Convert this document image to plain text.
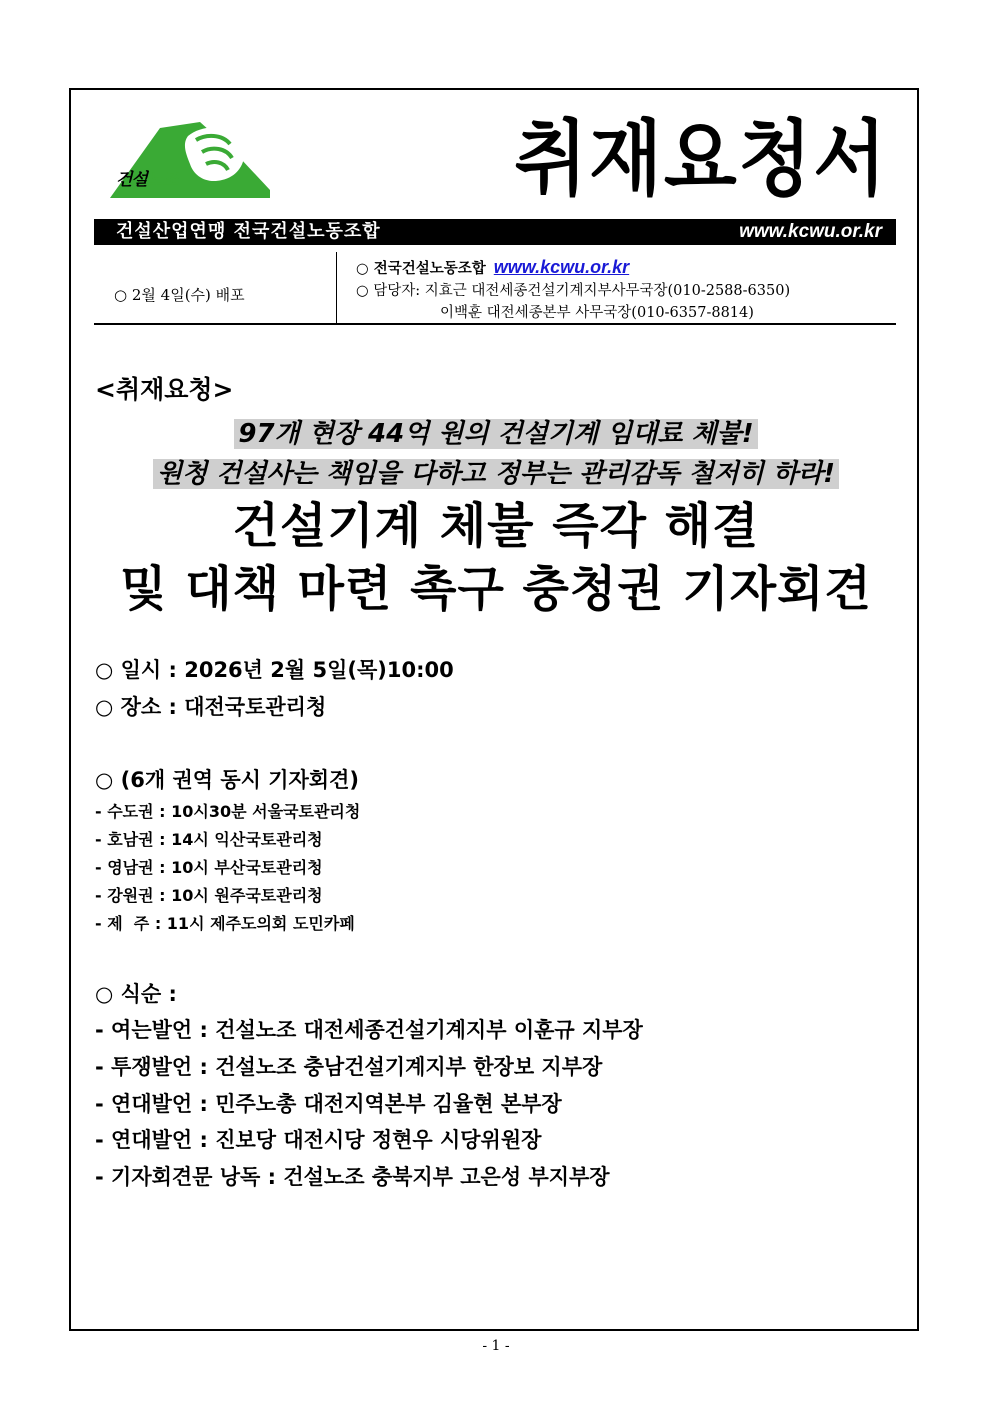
건설노조	취재요청서
건설산업연맹 전국건설노동조합	www.kcwu.or.kr
○ 2월 4일(수) 배포
○ 전국건설노동조합 www.kcwu.or.kr
○ 담당자: 지효근 대전세종건설기계지부사무국장(010-2588-6350)
이백훈 대전세종본부 사무국장(010-6357-8814)
<취재요청>
97개 현장 44억 원의 건설기계 임대료 체불!
원청 건설사는 책임을 다하고 정부는 관리감독 철저히 하라!
건설기계 체불 즉각 해결
및 대책 마련 촉구 충청권 기자회견
○ 일시 : 2026년 2월 5일(목)10:00
○ 장소 : 대전국토관리청
○ (6개 권역 동시 기자회견)
- 수도권 : 10시30분 서울국토관리청
- 호남권 : 14시 익산국토관리청
- 영남권 : 10시 부산국토관리청
- 강원권 : 10시 원주국토관리청
- 제  주 : 11시 제주도의회 도민카페
○ 식순 :
- 여는발언 : 건설노조 대전세종건설기계지부 이훈규 지부장
- 투쟁발언 : 건설노조 충남건설기계지부 한장보 지부장
- 연대발언 : 민주노총 대전지역본부 김율현 본부장
- 연대발언 : 진보당 대전시당 정현우 시당위원장
- 기자회견문 낭독 : 건설노조 충북지부 고은성 부지부장
- 1 -
